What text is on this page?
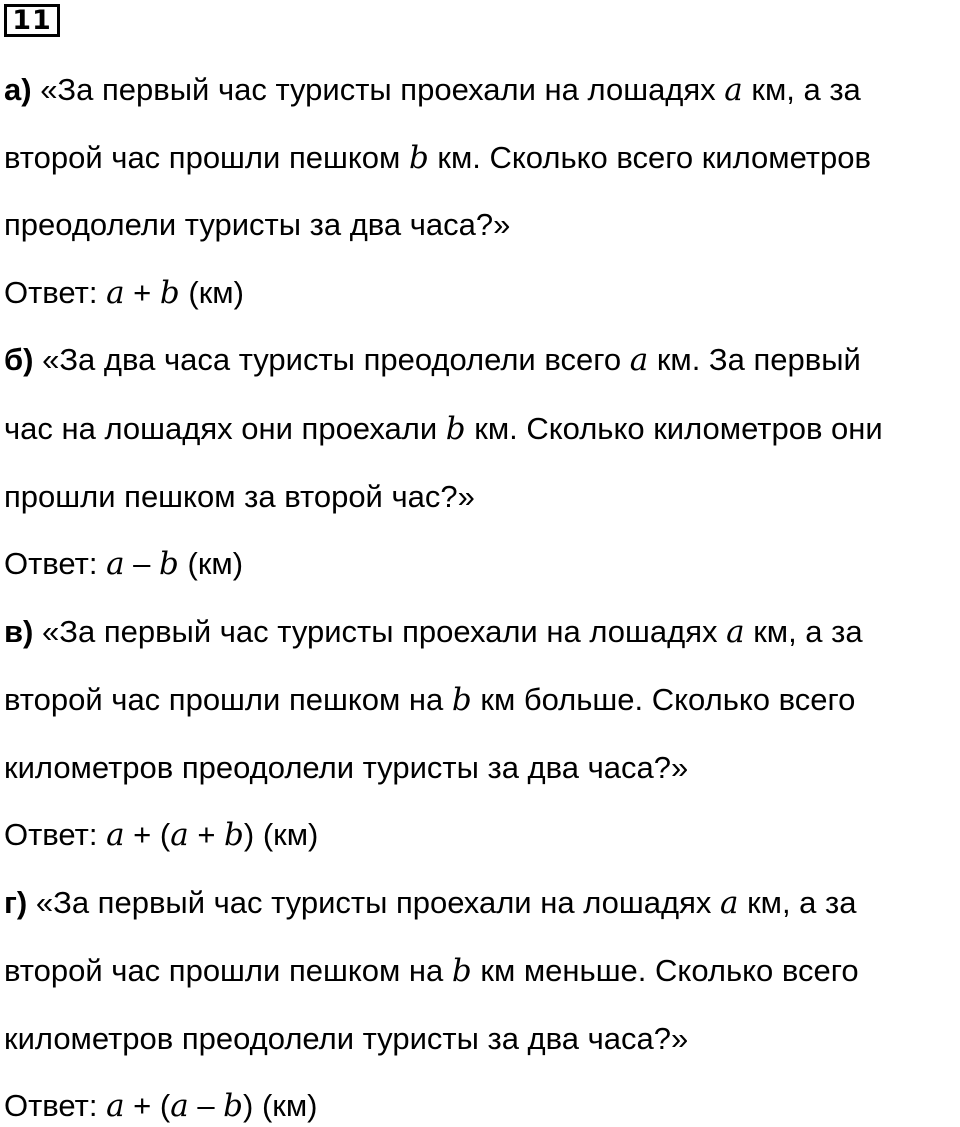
11
а) «За первый час туристы проехали на лошадях a км, а за
второй час прошли пешком b км. Сколько всего километров
преодолели туристы за два часа?»
Ответ: a + b (км)
б) «За два часа туристы преодолели всего a км. За первый
час на лошадях они проехали b км. Сколько километров они
прошли пешком за второй час?»
Ответ: a – b (км)
в) «За первый час туристы проехали на лошадях a км, а за
второй час прошли пешком на b км больше. Сколько всего
километров преодолели туристы за два часа?»
Ответ: a + (a + b) (км)
г) «За первый час туристы проехали на лошадях a км, а за
второй час прошли пешком на b км меньше. Сколько всего
километров преодолели туристы за два часа?»
Ответ: a + (a – b) (км)
